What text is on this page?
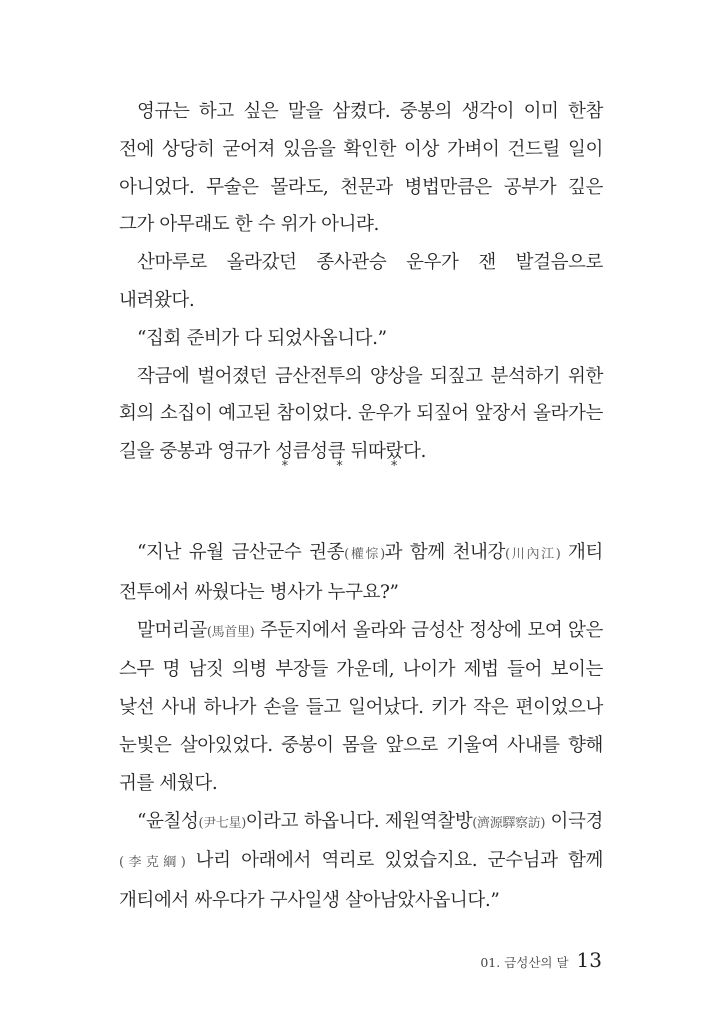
영규는 하고 싶은 말을 삼켰다. 중봉의 생각이 이미 한참 전에 상당히 굳어져 있음을 확인한 이상 가벼이 건드릴 일이 아니었다. 무술은 몰라도, 천문과 병법만큼은 공부가 깊은 그가 아무래도 한 수 위가 아니랴.

산마루로 올라갔던 종사관승 운우가 잰 발걸음으로 내려왔다.

“집회 준비가 다 되었사옵니다.”

작금에 벌어졌던 금산전투의 양상을 되짚고 분석하기 위한 회의 소집이 예고된 참이었다. 운우가 되짚어 앞장서 올라가는 길을 중봉과 영규가 성큼성큼 뒤따랐다.

* * *

“지난 유월 금산군수 권종(權悰)과 함께 천내강(川內江) 개티 전투에서 싸웠다는 병사가 누구요?”

말머리골(馬首里) 주둔지에서 올라와 금성산 정상에 모여 앉은 스무 명 남짓 의병 부장들 가운데, 나이가 제법 들어 보이는 낯선 사내 하나가 손을 들고 일어났다. 키가 작은 편이었으나 눈빛은 살아있었다. 중봉이 몸을 앞으로 기울여 사내를 향해 귀를 세웠다.

“윤칠성(尹七星)이라고 하옵니다. 제원역찰방(濟源驛察訪) 이극경(李克綱) 나리 아래에서 역리로 있었습지요. 군수님과 함께 개티에서 싸우다가 구사일생 살아남았사옵니다.”

01. 금성산의 달 13
